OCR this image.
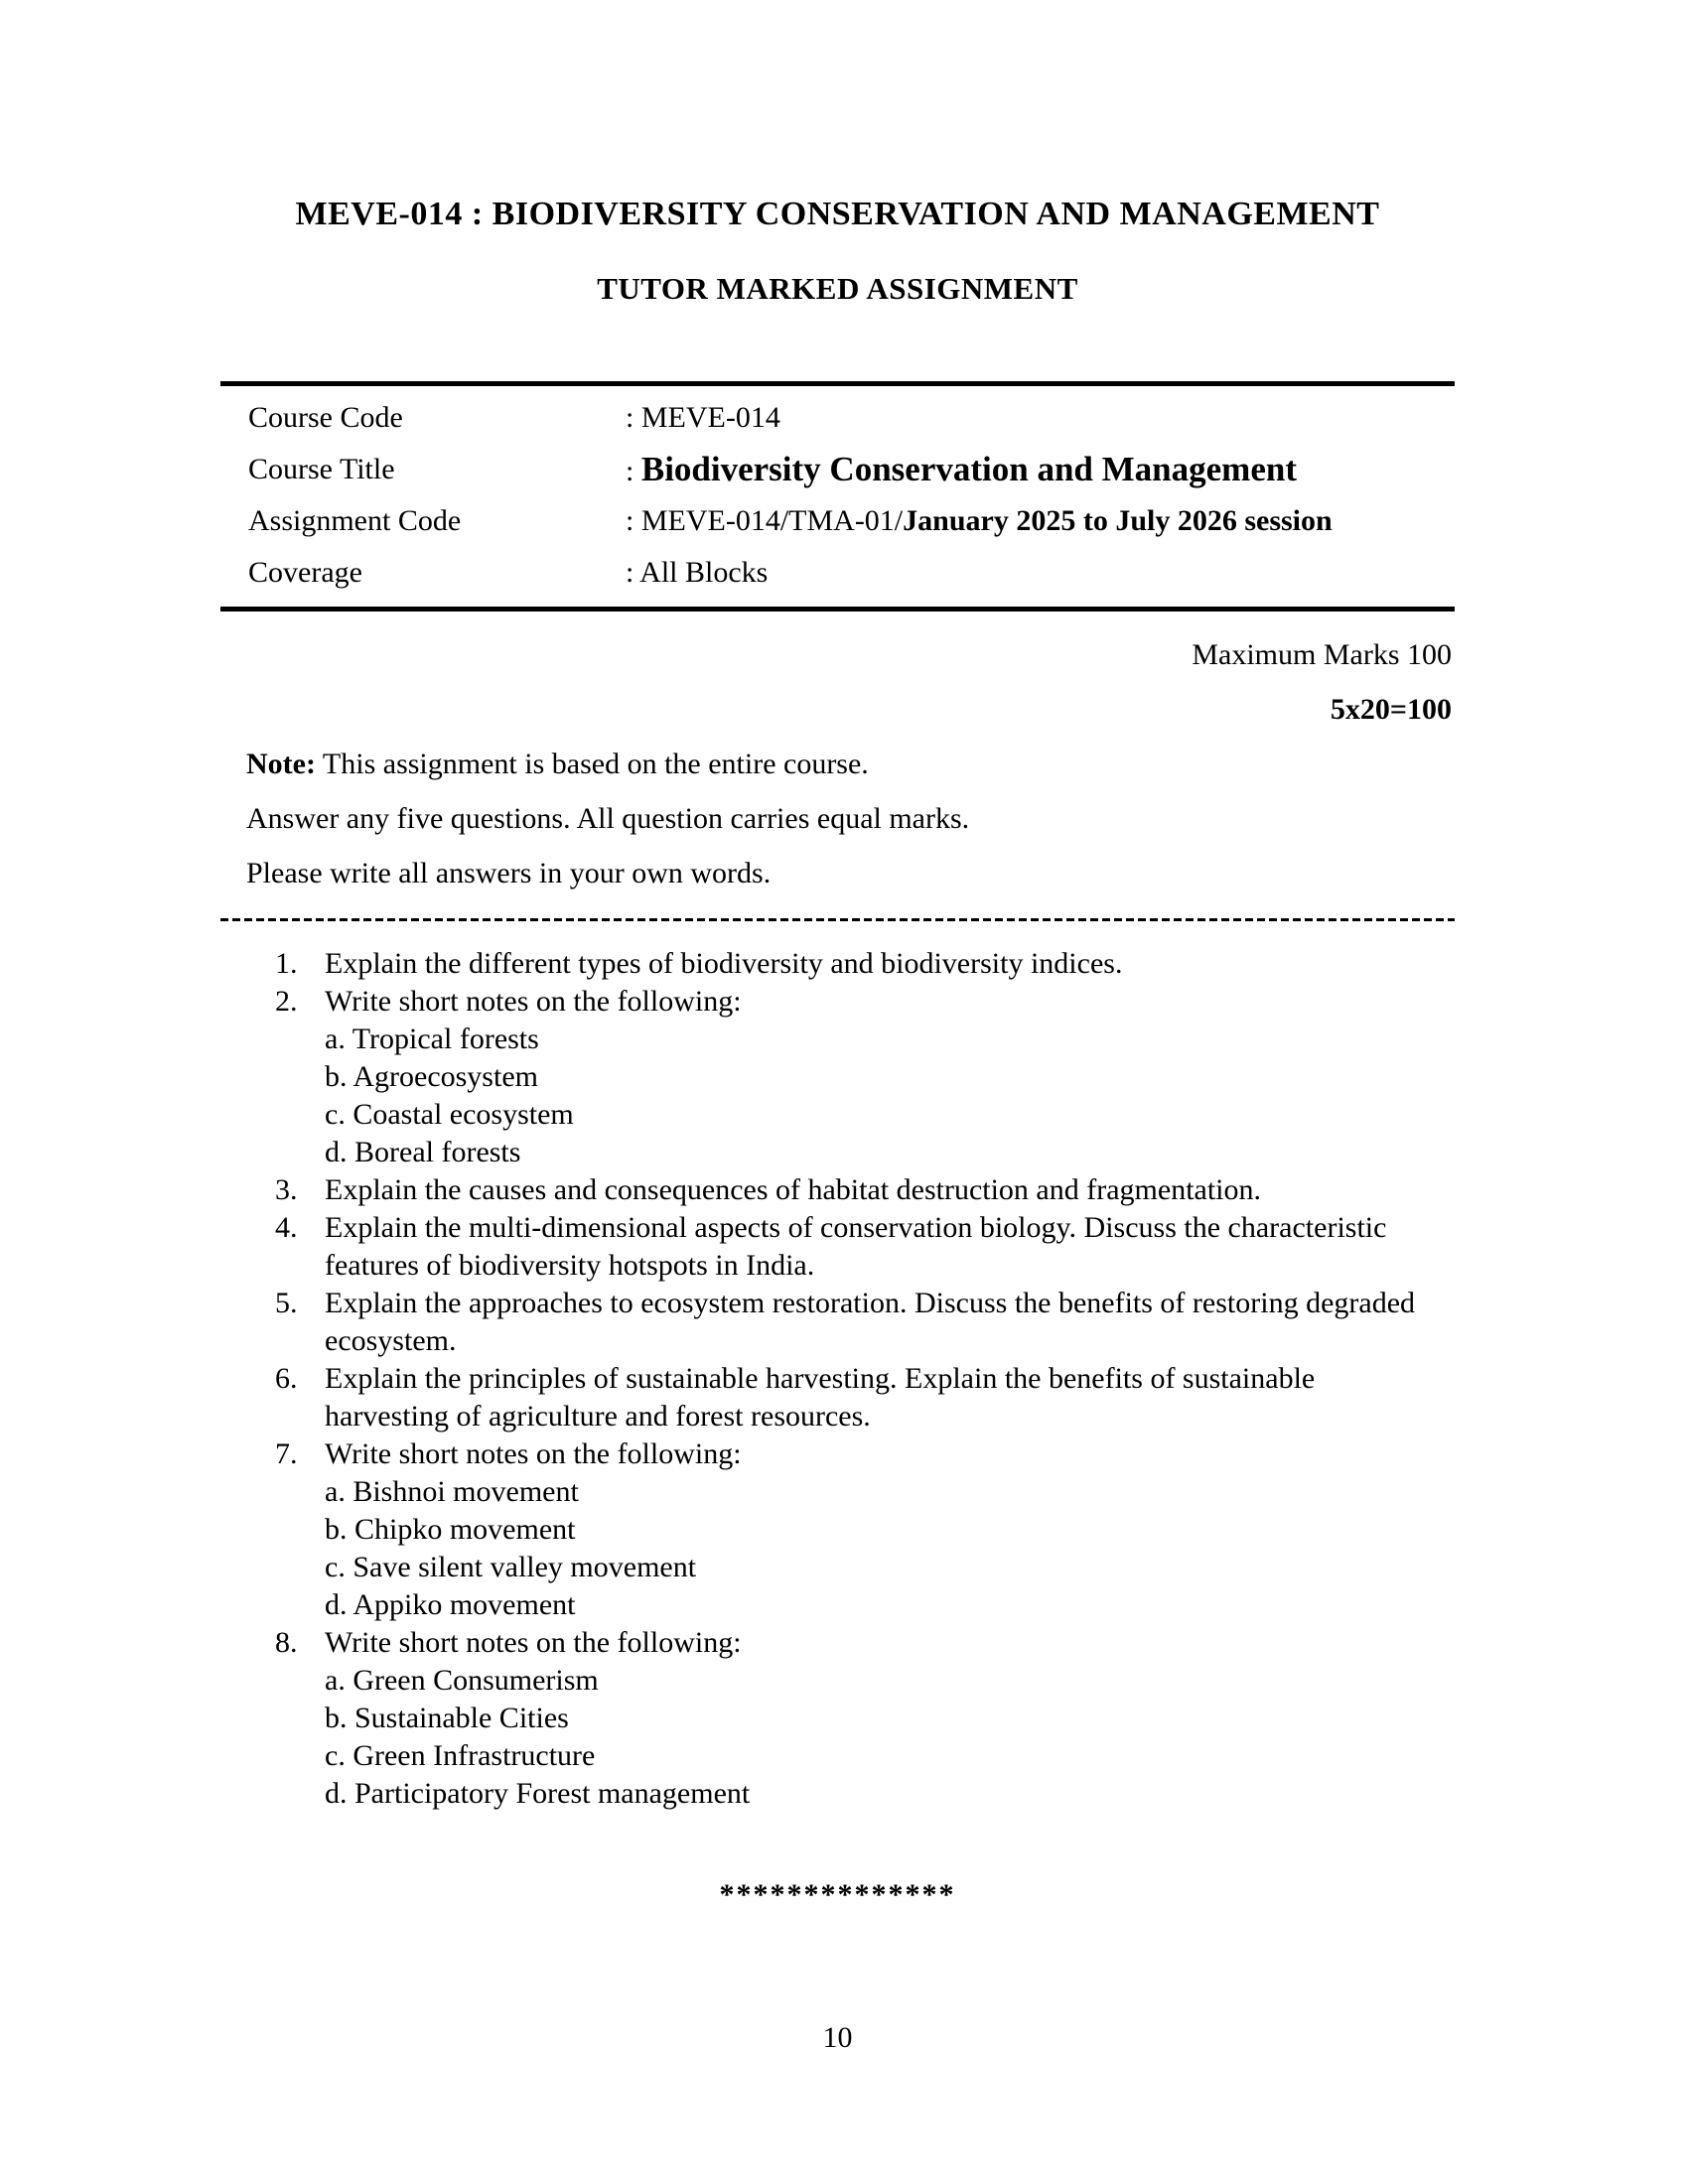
MEVE-014 : BIODIVERSITY CONSERVATION AND MANAGEMENT
TUTOR MARKED ASSIGNMENT
Course Code	: MEVE-014
Course Title	: Biodiversity Conservation and Management
Assignment Code	: MEVE-014/TMA-01/January 2025 to July 2026 session
Coverage	: All Blocks

Maximum Marks 100

5x20=100

Note: This assignment is based on the entire course.

Answer any five questions. All question carries equal marks.

Please write all answers in your own words.

1. Explain the different types of biodiversity and biodiversity indices.
2. Write short notes on the following:
a. Tropical forests
b. Agroecosystem
c. Coastal ecosystem
d. Boreal forests
3. Explain the causes and consequences of habitat destruction and fragmentation.
4. Explain the multi-dimensional aspects of conservation biology. Discuss the characteristic features of biodiversity hotspots in India.
5. Explain the approaches to ecosystem restoration. Discuss the benefits of restoring degraded ecosystem.
6. Explain the principles of sustainable harvesting. Explain the benefits of sustainable harvesting of agriculture and forest resources.
7. Write short notes on the following:
a. Bishnoi movement
b. Chipko movement
c. Save silent valley movement
d. Appiko movement
8. Write short notes on the following:
a. Green Consumerism
b. Sustainable Cities
c. Green Infrastructure
d. Participatory Forest management
**************
10
